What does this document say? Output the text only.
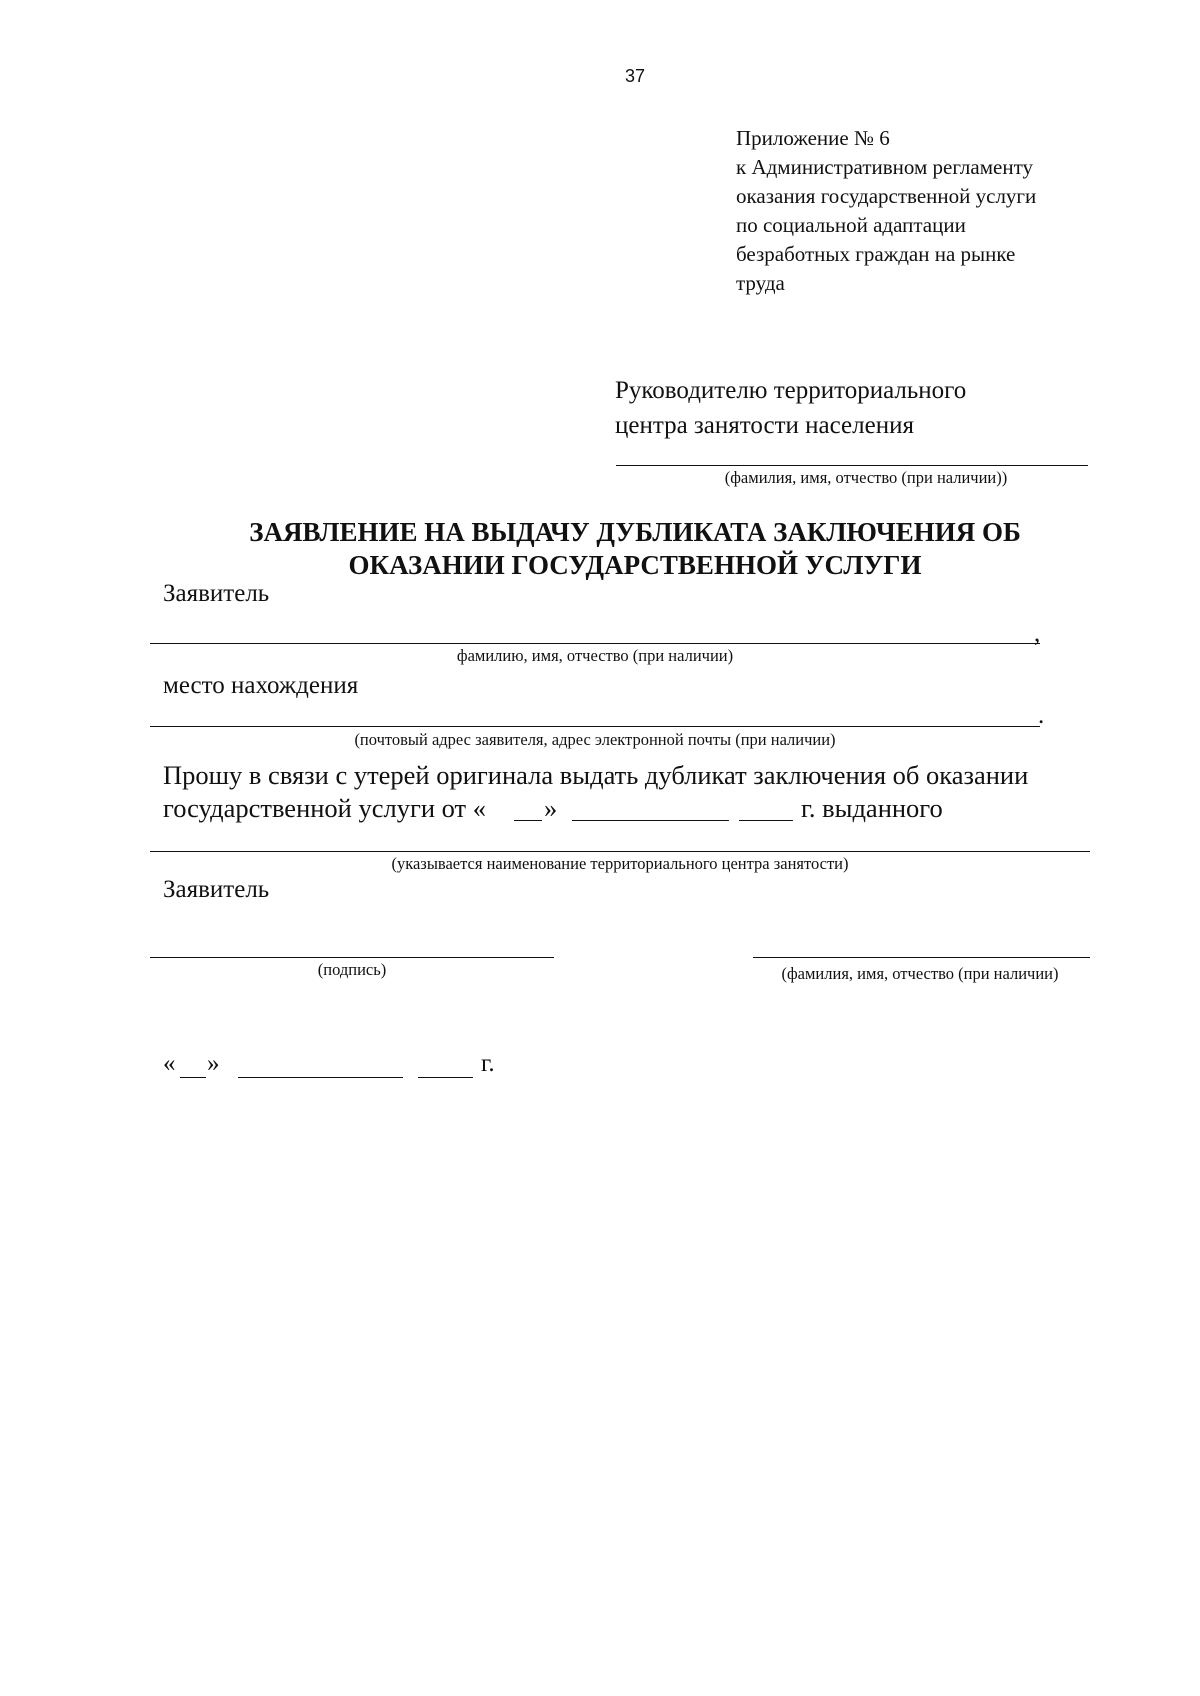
37
Приложение № 6
к Административном регламенту
оказания государственной услуги
по социальной адаптации
безработных граждан на рынке
труда
Руководителю территориального
центра занятости населения
(фамилия, имя, отчество (при наличии))
ЗАЯВЛЕНИЕ НА ВЫДАЧУ ДУБЛИКАТА ЗАКЛЮЧЕНИЯ ОБ
ОКАЗАНИИ ГОСУДАРСТВЕННОЙ УСЛУГИ
Заявитель
,
фамилию, имя, отчество (при наличии)
место нахождения
.
(почтовый адрес заявителя, адрес электронной почты (при наличии)
Прошу в связи с утерей оригинала выдать дубликат заключения об оказании
государственной услуги от « »	г. выданного
(указывается наименование территориального центра занятости)
Заявитель
(подпись)	(фамилия, имя, отчество (при наличии)
« »	г.
